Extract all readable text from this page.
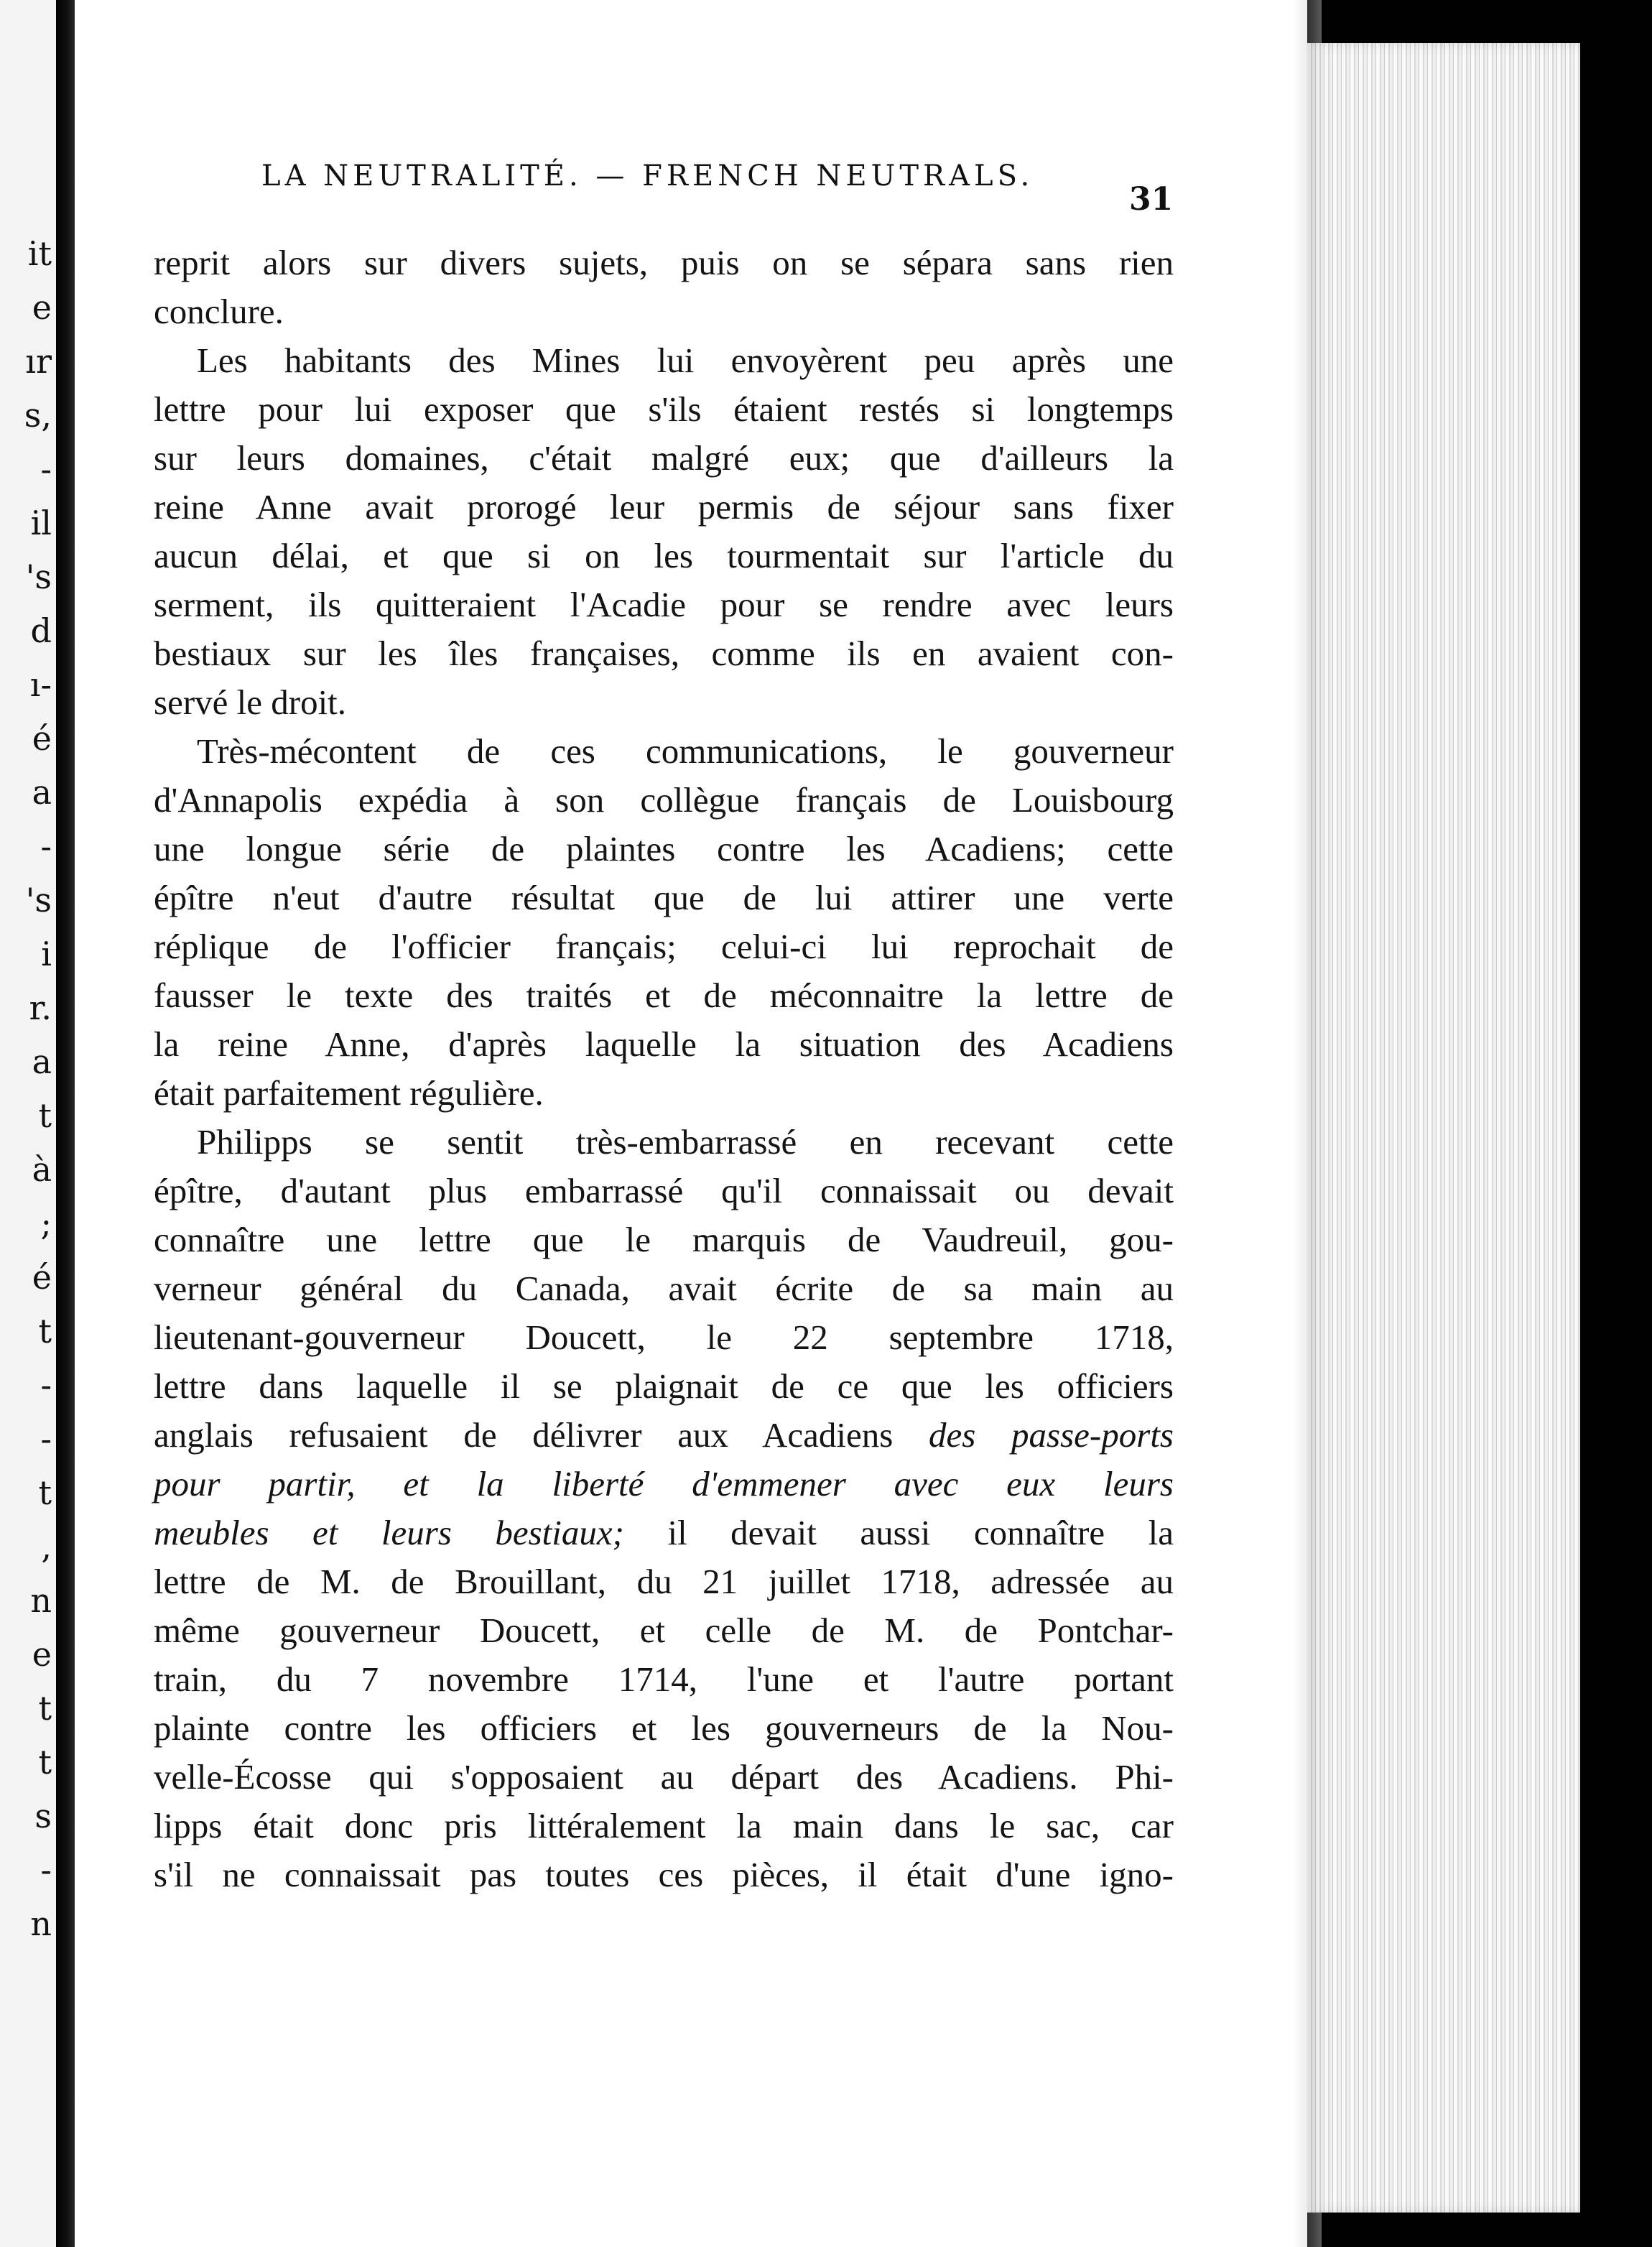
it
e
ır
s,
-
il
's
d
ı-
é
a
-
's
i
r.
a
t
à
;
é
t
-
-
t
,
n
e
t
t
s
-
n
LA NEUTRALITÉ. — FRENCH NEUTRALS.
31
reprit alors sur divers sujets, puis on se sépara sans rien
conclure.
Les habitants des Mines lui envoyèrent peu après une
lettre pour lui exposer que s'ils étaient restés si longtemps
sur leurs domaines, c'était malgré eux; que d'ailleurs la
reine Anne avait prorogé leur permis de séjour sans fixer
aucun délai, et que si on les tourmentait sur l'article du
serment, ils quitteraient l'Acadie pour se rendre avec leurs
bestiaux sur les îles françaises, comme ils en avaient con-
servé le droit.
Très-mécontent de ces communications, le gouverneur
d'Annapolis expédia à son collègue français de Louisbourg
une longue série de plaintes contre les Acadiens; cette
épître n'eut d'autre résultat que de lui attirer une verte
réplique de l'officier français; celui-ci lui reprochait de
fausser le texte des traités et de méconnaitre la lettre de
la reine Anne, d'après laquelle la situation des Acadiens
était parfaitement régulière.
Philipps se sentit très-embarrassé en recevant cette
épître, d'autant plus embarrassé qu'il connaissait ou devait
connaître une lettre que le marquis de Vaudreuil, gou-
verneur général du Canada, avait écrite de sa main au
lieutenant-gouverneur Doucett, le 22 septembre 1718,
lettre dans laquelle il se plaignait de ce que les officiers
anglais refusaient de délivrer aux Acadiens des passe-ports
pour partir, et la liberté d'emmener avec eux leurs
meubles et leurs bestiaux; il devait aussi connaître la
lettre de M. de Brouillant, du 21 juillet 1718, adressée au
même gouverneur Doucett, et celle de M. de Pontchar-
train, du 7 novembre 1714, l'une et l'autre portant
plainte contre les officiers et les gouverneurs de la Nou-
velle-Écosse qui s'opposaient au départ des Acadiens. Phi-
lipps était donc pris littéralement la main dans le sac, car
s'il ne connaissait pas toutes ces pièces, il était d'une igno-
